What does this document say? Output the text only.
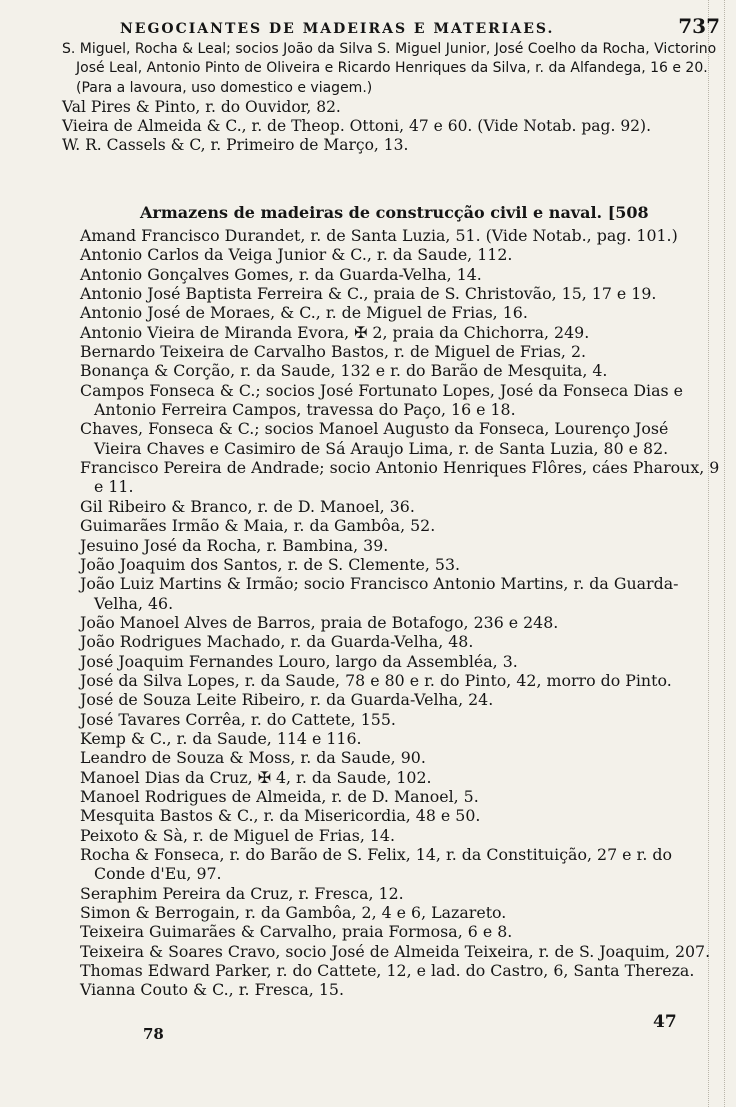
NEGOCIANTES DE MADEIRAS E MATERIAES.	737
S. Miguel, Rocha & Leal; socios João da Silva S. Miguel Junior, José Coelho da Rocha, Victorino José Leal, Antonio Pinto de Oliveira e Ricardo Henriques da Silva, r. da Alfandega, 16 e 20. (Para a lavoura, uso domestico e viagem.)
Val Pires & Pinto, r. do Ouvidor, 82.
Vieira de Almeida & C., r. de Theop. Ottoni, 47 e 60. (Vide Notab. pag. 92).
W. R. Cassels & C, r. Primeiro de Março, 13.
Armazens de madeiras de construcção civil e naval. [508
Amand Francisco Durandet, r. de Santa Luzia, 51. (Vide Notab., pag. 101.)
Antonio Carlos da Veiga Junior & C., r. da Saude, 112.
Antonio Gonçalves Gomes, r. da Guarda-Velha, 14.
Antonio José Baptista Ferreira & C., praia de S. Christovão, 15, 17 e 19.
Antonio José de Moraes, & C., r. de Miguel de Frias, 16.
Antonio Vieira de Miranda Evora, ✠ 2, praia da Chichorra, 249.
Bernardo Teixeira de Carvalho Bastos, r. de Miguel de Frias, 2.
Bonança & Corção, r. da Saude, 132 e r. do Barão de Mesquita, 4.
Campos Fonseca & C.; socios José Fortunato Lopes, José da Fonseca Dias e Antonio Ferreira Campos, travessa do Paço, 16 e 18.
Chaves, Fonseca & C.; socios Manoel Augusto da Fonseca, Lourenço José Vieira Chaves e Casimiro de Sá Araujo Lima, r. de Santa Luzia, 80 e 82.
Francisco Pereira de Andrade; socio Antonio Henriques Flôres, cáes Pharoux, 9 e 11.
Gil Ribeiro & Branco, r. de D. Manoel, 36.
Guimarães Irmão & Maia, r. da Gambôa, 52.
Jesuino José da Rocha, r. Bambina, 39.
João Joaquim dos Santos, r. de S. Clemente, 53.
João Luiz Martins & Irmão; socio Francisco Antonio Martins, r. da Guarda-Velha, 46.
João Manoel Alves de Barros, praia de Botafogo, 236 e 248.
João Rodrigues Machado, r. da Guarda-Velha, 48.
José Joaquim Fernandes Louro, largo da Assembléa, 3.
José da Silva Lopes, r. da Saude, 78 e 80 e r. do Pinto, 42, morro do Pinto.
José de Souza Leite Ribeiro, r. da Guarda-Velha, 24.
José Tavares Corrêa, r. do Cattete, 155.
Kemp & C., r. da Saude, 114 e 116.
Leandro de Souza & Moss, r. da Saude, 90.
Manoel Dias da Cruz, ✠ 4, r. da Saude, 102.
Manoel Rodrigues de Almeida, r. de D. Manoel, 5.
Mesquita Bastos & C., r. da Misericordia, 48 e 50.
Peixoto & Sà, r. de Miguel de Frias, 14.
Rocha & Fonseca, r. do Barão de S. Felix, 14, r. da Constituição, 27 e r. do Conde d'Eu, 97.
Seraphim Pereira da Cruz, r. Fresca, 12.
Simon & Berrogain, r. da Gambôa, 2, 4 e 6, Lazareto.
Teixeira Guimarães & Carvalho, praia Formosa, 6 e 8.
Teixeira & Soares Cravo, socio José de Almeida Teixeira, r. de S. Joaquim, 207.
Thomas Edward Parker, r. do Cattete, 12, e lad. do Castro, 6, Santa Thereza.
Vianna Couto & C., r. Fresca, 15.
78
47
